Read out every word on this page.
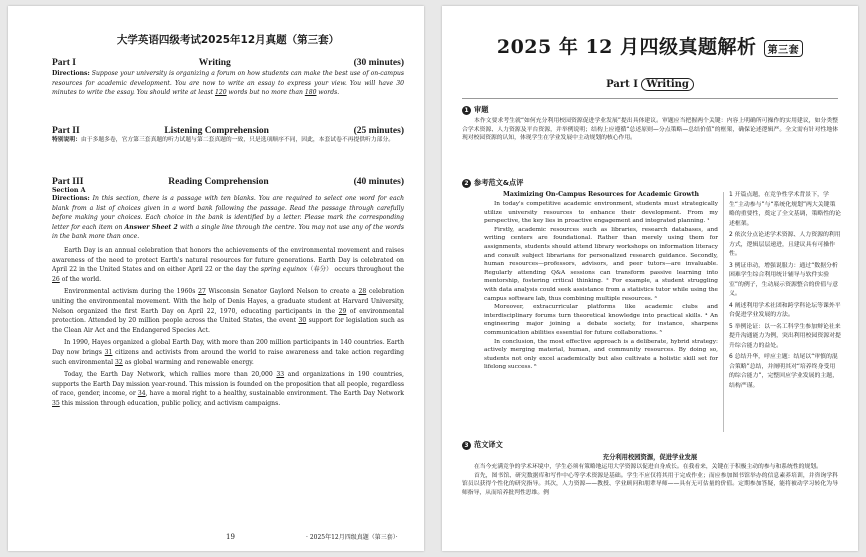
大学英语四级考试2025年12月真题（第三套）
Part I	Writing	(30 minutes)

Directions: Suppose your university is organizing a forum on how students can make the best use of on-campus resources for academic development. You are now to write an essay to express your view. You will have 30 minutes to write the essay. You should write at least 120 words but no more than 180 words.

Part II	Listening Comprehension	(25 minutes)

特别说明：由于多题多卷，官方第三套真题的听力试题与第二套真题的一致，只是选项顺序不同，因此，本套试卷不再提供听力部分。

Part III	Reading Comprehension	(40 minutes)
Section A

Directions: In this section, there is a passage with ten blanks. You are required to select one word for each blank from a list of choices given in a word bank following the passage. Read the passage through carefully before making your choices. Each choice in the bank is identified by a letter. Please mark the corresponding letter for each item on Answer Sheet 2 with a single line through the centre. You may not use any of the words in the bank more than once.

Earth Day is an annual celebration that honors the achievements of the environmental movement and raises awareness of the need to protect Earth's natural resources for future generations. Earth Day is celebrated on April 22 in the United States and on either April 22 or the day the spring equinox（春分） occurs throughout the 26 of the world.

Environmental activism during the 1960s 27 Wisconsin Senator Gaylord Nelson to create a 28 celebration uniting the environmental movement. With the help of Denis Hayes, a graduate student at Harvard University, Nelson organized the first Earth Day on April 22, 1970, educating participants in the 29 of environmental protection. Attended by 20 million people across the United States, the event 30 support for legislation such as the Clean Air Act and the Endangered Species Act.

In 1990, Hayes organized a global Earth Day, with more than 200 million participants in 140 countries. Earth Day now brings 31 citizens and activists from around the world to raise awareness and take action regarding such environmental 32 as global warming and renewable energy.

Today, the Earth Day Network, which rallies more than 20,000 33 and organizations in 190 countries, supports the Earth Day mission year-round. This mission is founded on the proposition that all people, regardless of race, gender, income, or 34, have a moral right to a healthy, sustainable environment. The Earth Day Network 35 this mission through education, public policy, and activism campaigns.

19	· 2025年12月四级真题（第三套）·
2025 年 12 月四级真题解析 第三套
Part I Writing
1 审题

本作文要求考生就“如何充分利用校园资源促进学业发展”提出具体建议。审题应当把握两个关键：内容上明确所可操作的实用建议，如分类整合学术资源、人力资源及平台资源，并举例说明；结构上应遵循“总述原则—分点策略—总结价值”的框架，确保论述逻辑严。全文需有针对性地体现对校园资源的认知，体现学生在学业发展中主动规划的核心作用。

2 参考范文&点评
Maximizing On-Campus Resources for Academic Growth

In today's competitive academic environment, students must strategically utilize university resources to enhance their development. From my perspective, the key lies in proactive engagement and integrated planning. ¹

Firstly, academic resources such as libraries, research databases, and writing centers are foundational. Rather than merely using them for assignments, students should attend library workshops on information literacy and consult subject librarians for personalized research guidance. Secondly, human resources—professors, advisors, and peer tutors—are invaluable. Regularly attending Q&A sessions can transform passive learning into mentorship, fostering critical thinking. ² For example, a student struggling with data analysis could seek assistance from a statistics tutor while using the campus software lab, thus combining multiple resources. ³

Moreover, extracurricular platforms like academic clubs and interdisciplinary forums turn theoretical knowledge into practical skills. ⁴ An engineering major joining a debate society, for instance, sharpens communication abilities essential for future collaborations. ⁵

In conclusion, the most effective approach is a deliberate, hybrid strategy: actively merging material, human, and community resources. By doing so, students not only excel academically but also cultivate a holistic skill set for lifelong success. ⁶

1 开篇点题，在竞争性学术背景下，学生“主动参与”与“系统化规划”两大关键策略的重要性，奠定了全文基调，策略性的论述框架。

2 依次分点论述学术资源、人力资源的利用方式，逻辑层层递进，且建议具有可操作性。

3 例证串动，增强说服力：通过“数据分析困难学生综合利用统计辅导与软件实验室”的例子，生动展示资源整合的价值与意义。

4 阐述利用学术社团和跨学科论坛等课外平台促进学业发展的方法。

5 举例论证：以一名工科学生参加辩论社来提升沟通能力为例，突出利用校园资源对提升综合能力的益处。

6 总结升华，呼应主题：结尾以“审慎的混合策略”总结，并阐明其对“培养终身受用的综合能力”，完整回应学业发展的主题，结构严谨。

3 范文译文
充分利用校园资源，促进学业发展

在当今充满竞争的学术环境中，学生必须有策略地运用大学资源以促进自身成长。在我看来，关键在于积极主动的参与和系统性的规划。

首先，图书馆、研究数据库和写作中心等学术资源是基础。学生不应仅将其用于完成作业；而应参加图书馆举办的信息素养培训，并咨询学科馆员以获得个性化的研究指导。其次，人力资源——教授、学业顾问和朋辈导师——具有无可估量的价值。定期参加答疑，能将被动学习转化为导师指导，从而培养批判性思维。例
